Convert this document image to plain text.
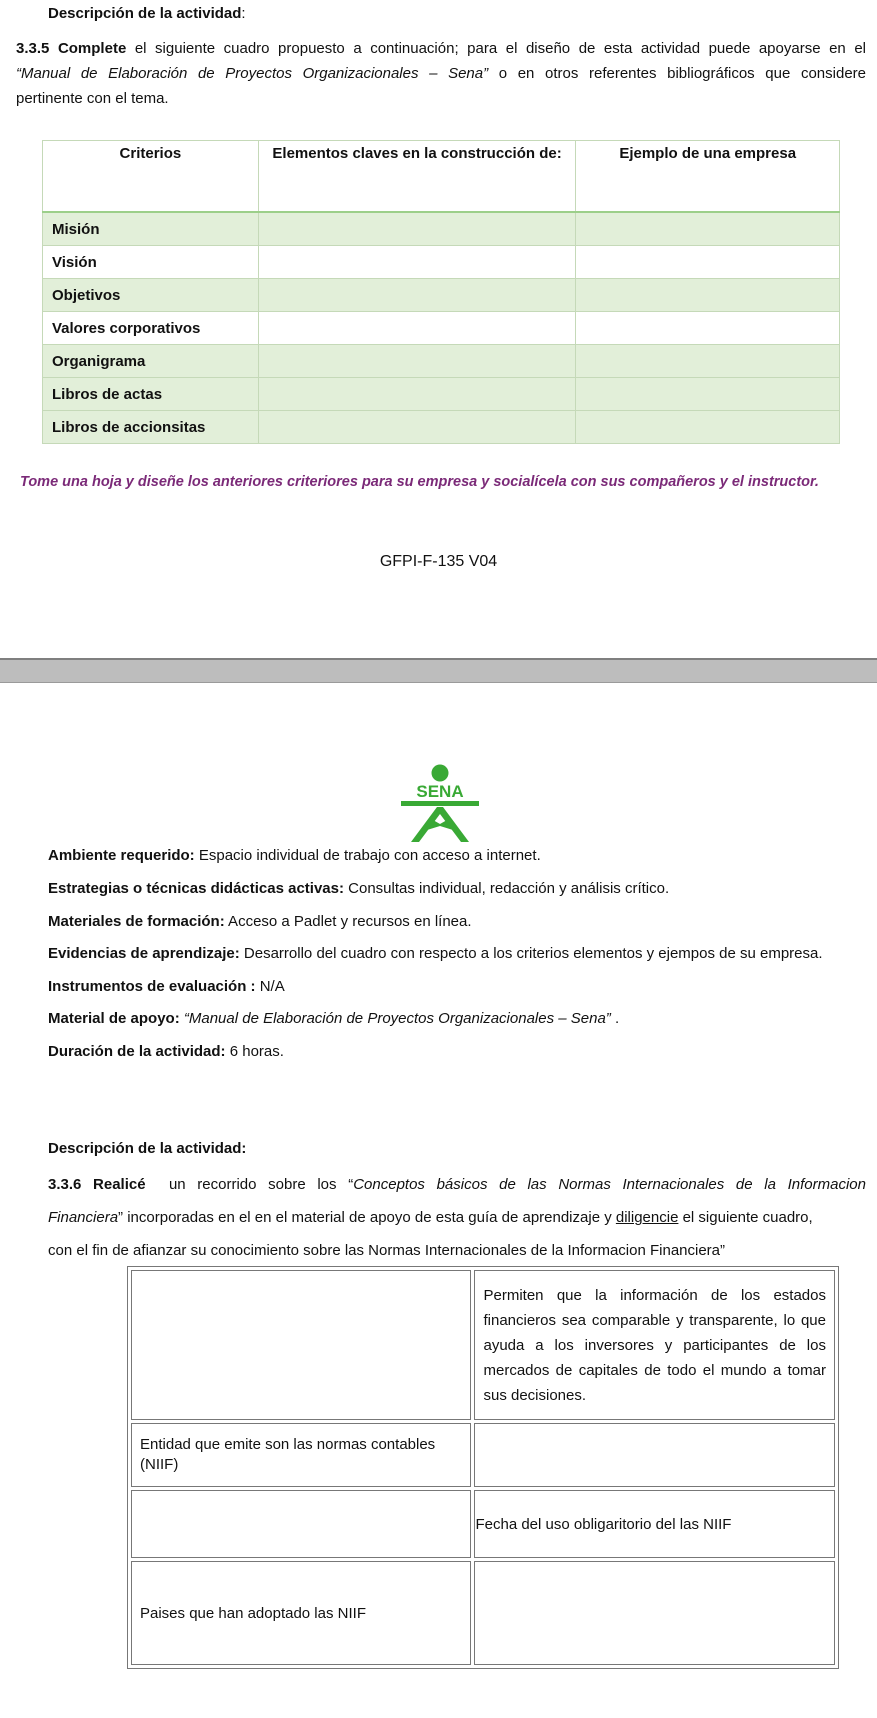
Descripción de la actividad:
3.3.5 Complete el siguiente cuadro propuesto a continuación; para el diseño de esta actividad puede apoyarse en el
“Manual de Elaboración de Proyectos Organizacionales – Sena” o en otros referentes bibliográficos que considere
pertinente con el tema.
Criterios	Elementos claves en la construcción de:	Ejemplo de una empresa
Misión		
Visión		
Objetivos		
Valores corporativos		
Organigrama		
Libros de actas		
Libros de accionsitas		
Tome una hoja y diseñe los anteriores criteriores para su empresa y socialícela con sus compañeros y el instructor.
GFPI-F-135 V04
SENA
Ambiente requerido: Espacio individual de trabajo con acceso a internet.
Estrategias o técnicas didácticas activas: Consultas individual, redacción y análisis crítico.
Materiales de formación: Acceso a Padlet y recursos en línea.
Evidencias de aprendizaje: Desarrollo del cuadro con respecto a los criterios elementos y ejempos de su empresa.
Instrumentos de evaluación : N/A
Material de apoyo: “Manual de Elaboración de Proyectos Organizacionales – Sena” .
Duración de la actividad: 6 horas.
Descripción de la actividad:
3.3.6 Realicé un recorrido sobre los “Conceptos básicos de las Normas Internacionales de la Informacion
Financiera” incorporadas en el en el material de apoyo de esta guía de aprendizaje y diligencie el siguiente cuadro,
con el fin de afianzar su conocimiento sobre las Normas Internacionales de la Informacion Financiera”
	Permiten que la información de los estados financieros sea comparable y transparente, lo que ayuda a los inversores y participantes de los mercados de capitales de todo el mundo a tomar sus decisiones.
Entidad que emite son las normas contables (NIIF)	
	Fecha del uso obligaritorio del las NIIF
Paises que han adoptado las NIIF	
